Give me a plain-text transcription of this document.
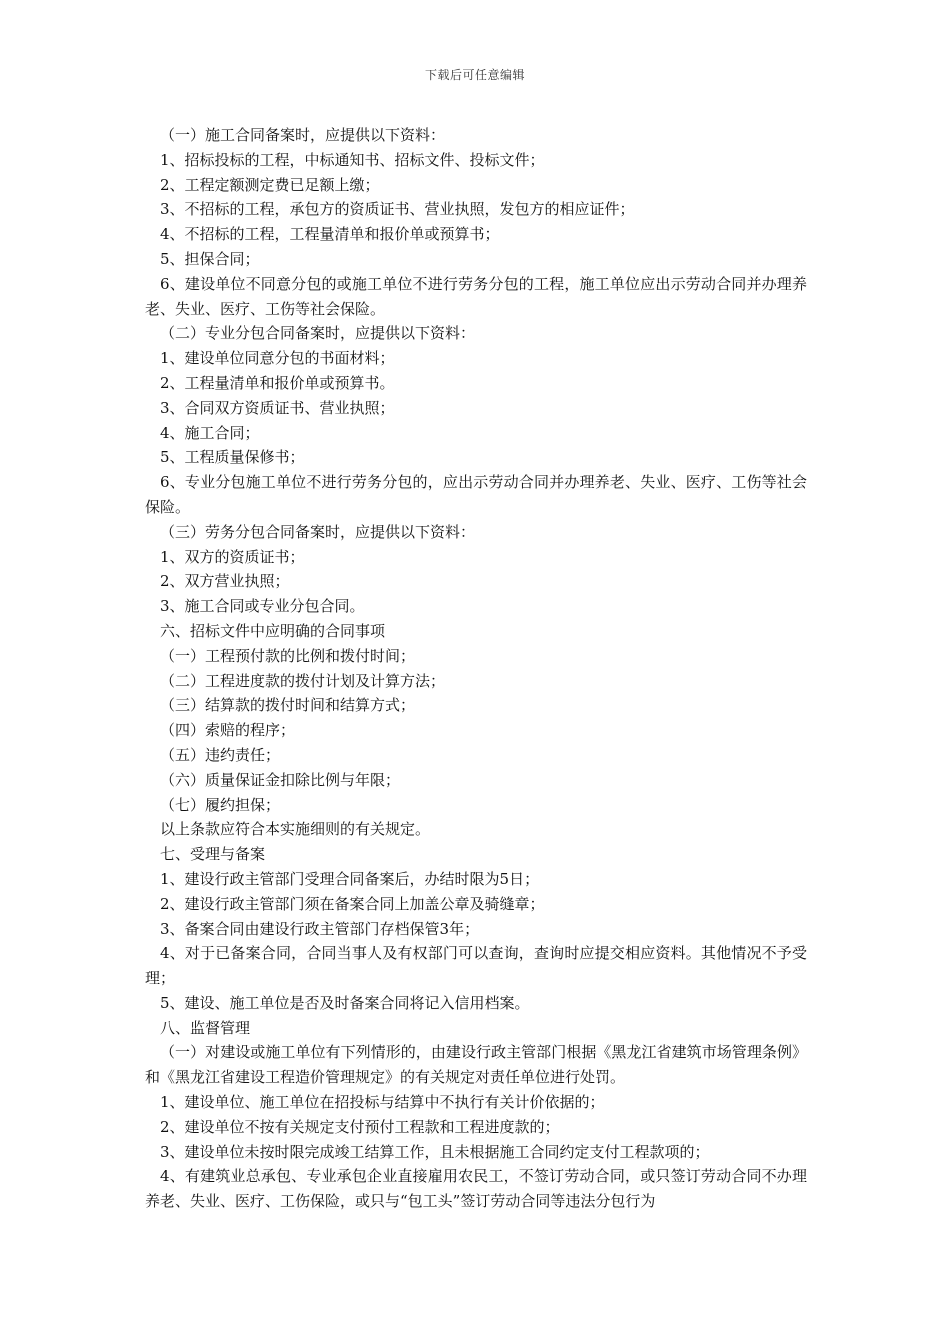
下载后可任意编辑

（一）施工合同备案时，应提供以下资料：

1、招标投标的工程，中标通知书、招标文件、投标文件；

2、工程定额测定费已足额上缴；

3、不招标的工程，承包方的资质证书、营业执照，发包方的相应证件；

4、不招标的工程，工程量清单和报价单或预算书；

5、担保合同；

6、建设单位不同意分包的或施工单位不进行劳务分包的工程，施工单位应出示劳动合同并办理养老、失业、医疗、工伤等社会保险。

（二）专业分包合同备案时，应提供以下资料：

1、建设单位同意分包的书面材料；

2、工程量清单和报价单或预算书。

3、合同双方资质证书、营业执照；

4、施工合同；

5、工程质量保修书；

6、专业分包施工单位不进行劳务分包的，应出示劳动合同并办理养老、失业、医疗、工伤等社会保险。

（三）劳务分包合同备案时，应提供以下资料：

1、双方的资质证书；

2、双方营业执照；

3、施工合同或专业分包合同。

六、招标文件中应明确的合同事项

（一）工程预付款的比例和拨付时间；

（二）工程进度款的拨付计划及计算方法；

（三）结算款的拨付时间和结算方式；

（四）索赔的程序；

（五）违约责任；

（六）质量保证金扣除比例与年限；

（七）履约担保；

以上条款应符合本实施细则的有关规定。

七、受理与备案

1、建设行政主管部门受理合同备案后，办结时限为5日；

2、建设行政主管部门须在备案合同上加盖公章及骑缝章；

3、备案合同由建设行政主管部门存档保管3年；

4、对于已备案合同，合同当事人及有权部门可以查询，查询时应提交相应资料。其他情况不予受理；

5、建设、施工单位是否及时备案合同将记入信用档案。

八、监督管理

（一）对建设或施工单位有下列情形的，由建设行政主管部门根据《黑龙江省建筑市场管理条例》和《黑龙江省建设工程造价管理规定》的有关规定对责任单位进行处罚。

1、建设单位、施工单位在招投标与结算中不执行有关计价依据的；

2、建设单位不按有关规定支付预付工程款和工程进度款的；

3、建设单位未按时限完成竣工结算工作，且未根据施工合同约定支付工程款项的；

4、有建筑业总承包、专业承包企业直接雇用农民工，不签订劳动合同，或只签订劳动合同不办理养老、失业、医疗、工伤保险，或只与“包工头”签订劳动合同等违法分包行为
